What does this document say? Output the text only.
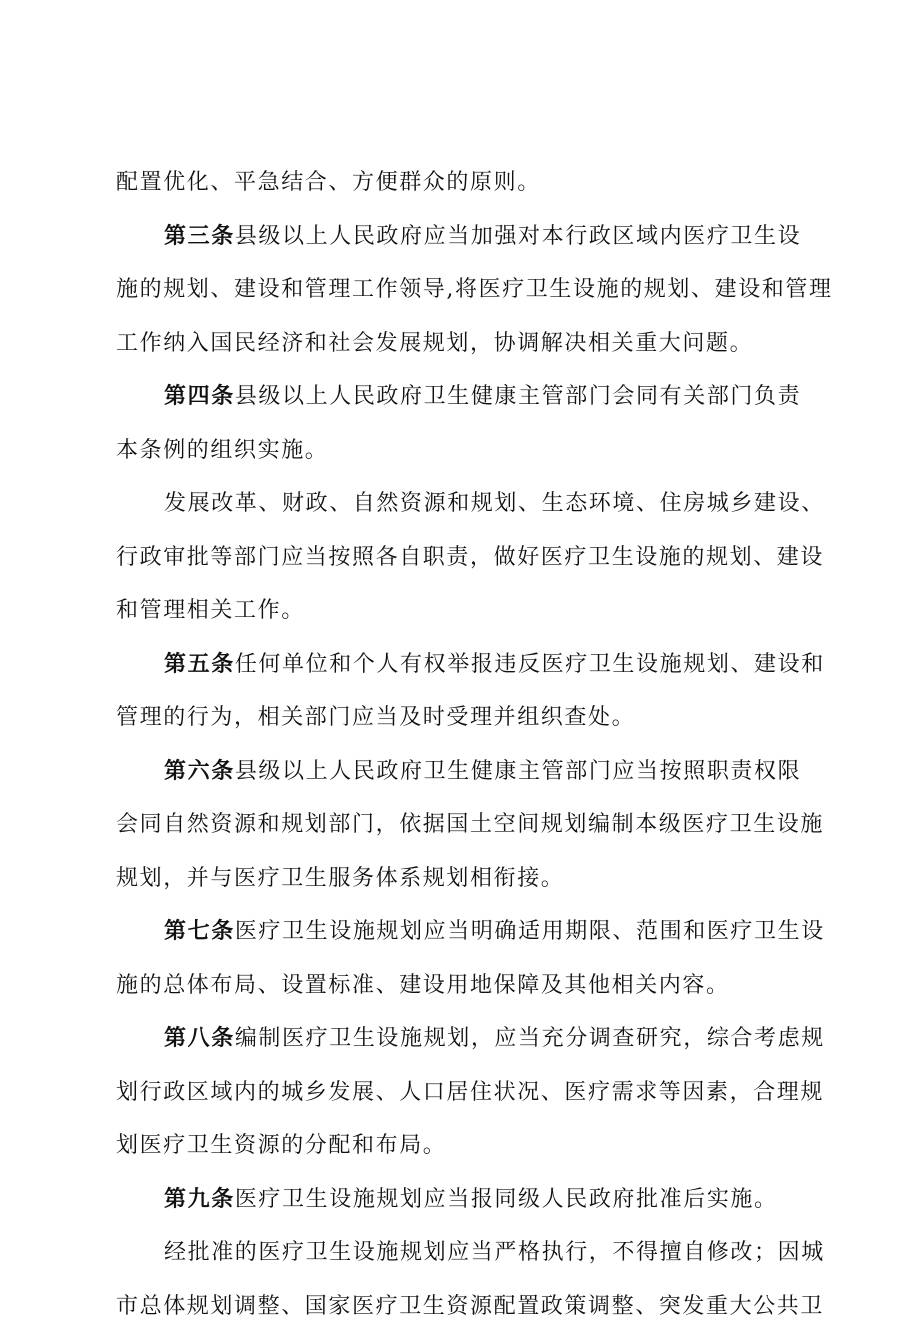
配置优化、平急结合、方便群众的原则。
第三条县级以上人民政府应当加强对本行政区域内医疗卫生设
施的规划、建设和管理工作领导,将医疗卫生设施的规划、建设和管理
工作纳入国民经济和社会发展规划，协调解决相关重大问题。
第四条县级以上人民政府卫生健康主管部门会同有关部门负责
本条例的组织实施。
发展改革、财政、自然资源和规划、生态环境、住房城乡建设、
行政审批等部门应当按照各自职责，做好医疗卫生设施的规划、建设
和管理相关工作。
第五条任何单位和个人有权举报违反医疗卫生设施规划、建设和
管理的行为，相关部门应当及时受理并组织查处。
第六条县级以上人民政府卫生健康主管部门应当按照职责权限
会同自然资源和规划部门，依据国土空间规划编制本级医疗卫生设施
规划，并与医疗卫生服务体系规划相衔接。
第七条医疗卫生设施规划应当明确适用期限、范围和医疗卫生设
施的总体布局、设置标准、建设用地保障及其他相关内容。
第八条编制医疗卫生设施规划，应当充分调查研究，综合考虑规
划行政区域内的城乡发展、人口居住状况、医疗需求等因素，合理规
划医疗卫生资源的分配和布局。
第九条医疗卫生设施规划应当报同级人民政府批准后实施。
经批准的医疗卫生设施规划应当严格执行，不得擅自修改；因城
市总体规划调整、国家医疗卫生资源配置政策调整、突发重大公共卫
